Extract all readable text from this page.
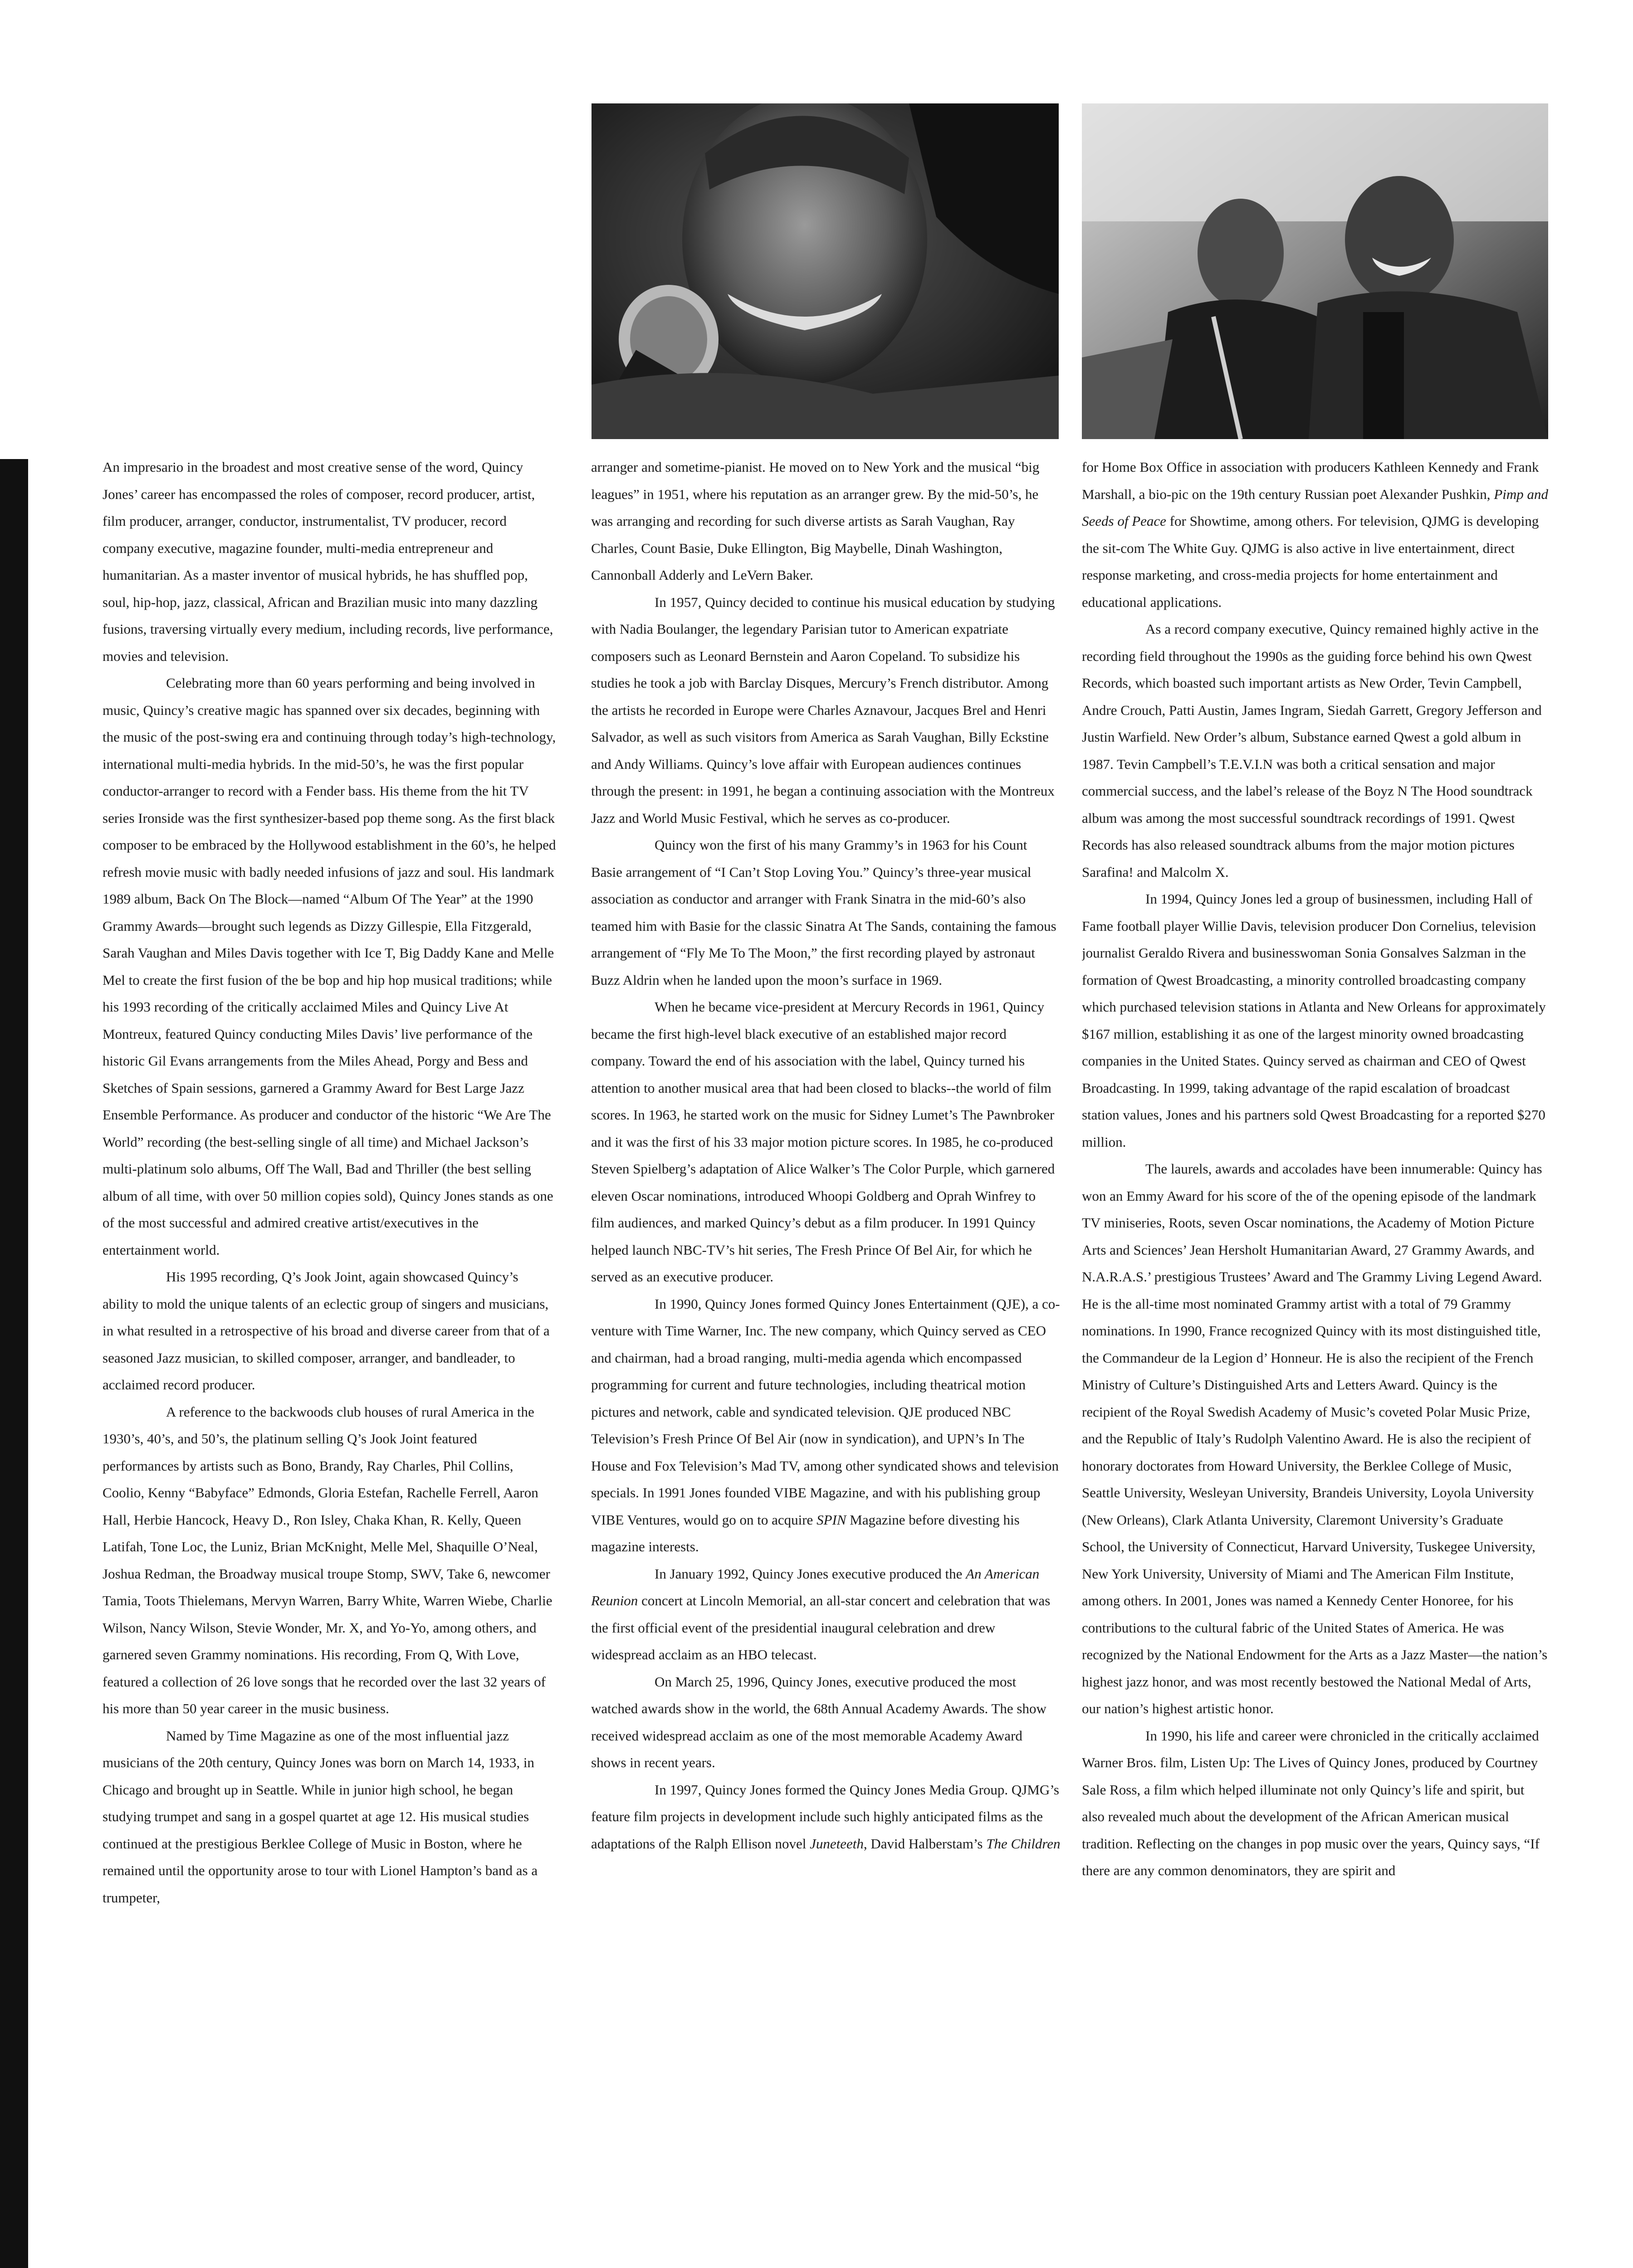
An impresario in the broadest and most creative sense of the word, Quincy Jones’ career has encompassed the roles of composer, record producer, artist, film producer, arranger, conductor, instrumentalist, TV producer, record company executive, magazine founder, multi-media entrepreneur and humanitarian. As a master inventor of musical hybrids, he has shuffled pop, soul, hip-hop, jazz, classical, African and Brazilian music into many dazzling fusions, traversing virtually every medium, including records, live performance, movies and television.

Celebrating more than 60 years performing and being involved in music, Quincy’s creative magic has spanned over six decades, beginning with the music of the post-swing era and continuing through today’s high-technology, international multi-media hybrids. In the mid-50’s, he was the first popular conductor-arranger to record with a Fender bass. His theme from the hit TV series Ironside was the first synthesizer-based pop theme song. As the first black composer to be embraced by the Hollywood establishment in the 60’s, he helped refresh movie music with badly needed infusions of jazz and soul. His landmark 1989 album, Back On The Block—named “Album Of The Year” at the 1990 Grammy Awards—brought such legends as Dizzy Gillespie, Ella Fitzgerald, Sarah Vaughan and Miles Davis together with Ice T, Big Daddy Kane and Melle Mel to create the first fusion of the be bop and hip hop musical traditions; while his 1993 recording of the critically acclaimed Miles and Quincy Live At Montreux, featured Quincy conducting Miles Davis’ live performance of the historic Gil Evans arrangements from the Miles Ahead, Porgy and Bess and Sketches of Spain sessions, garnered a Grammy Award for Best Large Jazz Ensemble Performance. As producer and conductor of the historic “We Are The World” recording (the best-selling single of all time) and Michael Jackson’s multi-platinum solo albums, Off The Wall, Bad and Thriller (the best selling album of all time, with over 50 million copies sold), Quincy Jones stands as one of the most successful and admired creative artist/executives in the entertainment world.

His 1995 recording, Q’s Jook Joint, again showcased Quincy’s ability to mold the unique talents of an eclectic group of singers and musicians, in what resulted in a retrospective of his broad and diverse career from that of a seasoned Jazz musician, to skilled composer, arranger, and bandleader, to acclaimed record producer.

A reference to the backwoods club houses of rural America in the 1930’s, 40’s, and 50’s, the platinum selling Q’s Jook Joint featured performances by artists such as Bono, Brandy, Ray Charles, Phil Collins, Coolio, Kenny “Babyface” Edmonds, Gloria Estefan, Rachelle Ferrell, Aaron Hall, Herbie Hancock, Heavy D., Ron Isley, Chaka Khan, R. Kelly, Queen Latifah, Tone Loc, the Luniz, Brian McKnight, Melle Mel, Shaquille O’Neal, Joshua Redman, the Broadway musical troupe Stomp, SWV, Take 6, newcomer Tamia, Toots Thielemans, Mervyn Warren, Barry White, Warren Wiebe, Charlie Wilson, Nancy Wilson, Stevie Wonder, Mr. X, and Yo-Yo, among others, and garnered seven Grammy nominations. His recording, From Q, With Love, featured a collection of 26 love songs that he recorded over the last 32 years of his more than 50 year career in the music business.

Named by Time Magazine as one of the most influential jazz musicians of the 20th century, Quincy Jones was born on March 14, 1933, in Chicago and brought up in Seattle. While in junior high school, he began studying trumpet and sang in a gospel quartet at age 12. His musical studies continued at the prestigious Berklee College of Music in Boston, where he remained until the opportunity arose to tour with Lionel Hampton’s band as a trumpeter,

arranger and sometime-pianist. He moved on to New York and the musical “big leagues” in 1951, where his reputation as an arranger grew. By the mid-50’s, he was arranging and recording for such diverse artists as Sarah Vaughan, Ray Charles, Count Basie, Duke Ellington, Big Maybelle, Dinah Washington, Cannonball Adderly and LeVern Baker.

In 1957, Quincy decided to continue his musical education by studying with Nadia Boulanger, the legendary Parisian tutor to American expatriate composers such as Leonard Bernstein and Aaron Copeland. To subsidize his studies he took a job with Barclay Disques, Mercury’s French distributor. Among the artists he recorded in Europe were Charles Aznavour, Jacques Brel and Henri Salvador, as well as such visitors from America as Sarah Vaughan, Billy Eckstine and Andy Williams. Quincy’s love affair with European audiences continues through the present: in 1991, he began a continuing association with the Montreux Jazz and World Music Festival, which he serves as co-producer.

Quincy won the first of his many Grammy’s in 1963 for his Count Basie arrangement of “I Can’t Stop Loving You.” Quincy’s three-year musical association as conductor and arranger with Frank Sinatra in the mid-60’s also teamed him with Basie for the classic Sinatra At The Sands, containing the famous arrangement of “Fly Me To The Moon,” the first recording played by astronaut Buzz Aldrin when he landed upon the moon’s surface in 1969.

When he became vice-president at Mercury Records in 1961, Quincy became the first high-level black executive of an established major record company. Toward the end of his association with the label, Quincy turned his attention to another musical area that had been closed to blacks--the world of film scores. In 1963, he started work on the music for Sidney Lumet’s The Pawnbroker and it was the first of his 33 major motion picture scores. In 1985, he co-produced Steven Spielberg’s adaptation of Alice Walker’s The Color Purple, which garnered eleven Oscar nominations, introduced Whoopi Goldberg and Oprah Winfrey to film audiences, and marked Quincy’s debut as a film producer. In 1991 Quincy helped launch NBC-TV’s hit series, The Fresh Prince Of Bel Air, for which he served as an executive producer.

In 1990, Quincy Jones formed Quincy Jones Entertainment (QJE), a co-venture with Time Warner, Inc. The new company, which Quincy served as CEO and chairman, had a broad ranging, multi-media agenda which encompassed programming for current and future technologies, including theatrical motion pictures and network, cable and syndicated television. QJE produced NBC Television’s Fresh Prince Of Bel Air (now in syndication), and UPN’s In The House and Fox Television’s Mad TV, among other syndicated shows and television specials. In 1991 Jones founded VIBE Magazine, and with his publishing group VIBE Ventures, would go on to acquire SPIN Magazine before divesting his magazine interests.

In January 1992, Quincy Jones executive produced the An American Reunion concert at Lincoln Memorial, an all-star concert and celebration that was the first official event of the presidential inaugural celebration and drew widespread acclaim as an HBO telecast.

On March 25, 1996, Quincy Jones, executive produced the most watched awards show in the world, the 68th Annual Academy Awards. The show received widespread acclaim as one of the most memorable Academy Award shows in recent years.

In 1997, Quincy Jones formed the Quincy Jones Media Group. QJMG’s feature film projects in development include such highly anticipated films as the adaptations of the Ralph Ellison novel Juneteeth, David Halberstam’s The Children

for Home Box Office in association with producers Kathleen Kennedy and Frank Marshall, a bio-pic on the 19th century Russian poet Alexander Pushkin, Pimp and Seeds of Peace for Showtime, among others. For television, QJMG is developing the sit-com The White Guy. QJMG is also active in live entertainment, direct response marketing, and cross-media projects for home entertainment and educational applications.

As a record company executive, Quincy remained highly active in the recording field throughout the 1990s as the guiding force behind his own Qwest Records, which boasted such important artists as New Order, Tevin Campbell, Andre Crouch, Patti Austin, James Ingram, Siedah Garrett, Gregory Jefferson and Justin Warfield. New Order’s album, Substance earned Qwest a gold album in 1987. Tevin Campbell’s T.E.V.I.N was both a critical sensation and major commercial success, and the label’s release of the Boyz N The Hood soundtrack album was among the most successful soundtrack recordings of 1991. Qwest Records has also released soundtrack albums from the major motion pictures Sarafina! and Malcolm X.

In 1994, Quincy Jones led a group of businessmen, including Hall of Fame football player Willie Davis, television producer Don Cornelius, television journalist Geraldo Rivera and businesswoman Sonia Gonsalves Salzman in the formation of Qwest Broadcasting, a minority controlled broadcasting company which purchased television stations in Atlanta and New Orleans for approximately $167 million, establishing it as one of the largest minority owned broadcasting companies in the United States. Quincy served as chairman and CEO of Qwest Broadcasting. In 1999, taking advantage of the rapid escalation of broadcast station values, Jones and his partners sold Qwest Broadcasting for a reported $270 million.

The laurels, awards and accolades have been innumerable: Quincy has won an Emmy Award for his score of the of the opening episode of the landmark TV miniseries, Roots, seven Oscar nominations, the Academy of Motion Picture Arts and Sciences’ Jean Hersholt Humanitarian Award, 27 Grammy Awards, and N.A.R.A.S.’ prestigious Trustees’ Award and The Grammy Living Legend Award. He is the all-time most nominated Grammy artist with a total of 79 Grammy nominations. In 1990, France recognized Quincy with its most distinguished title, the Commandeur de la Legion d’ Honneur. He is also the recipient of the French Ministry of Culture’s Distinguished Arts and Letters Award. Quincy is the recipient of the Royal Swedish Academy of Music’s coveted Polar Music Prize, and the Republic of Italy’s Rudolph Valentino Award. He is also the recipient of honorary doctorates from Howard University, the Berklee College of Music, Seattle University, Wesleyan University, Brandeis University, Loyola University (New Orleans), Clark Atlanta University, Claremont University’s Graduate School, the University of Connecticut, Harvard University, Tuskegee University, New York University, University of Miami and The American Film Institute, among others. In 2001, Jones was named a Kennedy Center Honoree, for his contributions to the cultural fabric of the United States of America. He was recognized by the National Endowment for the Arts as a Jazz Master—the nation’s highest jazz honor, and was most recently bestowed the National Medal of Arts, our nation’s highest artistic honor.

In 1990, his life and career were chronicled in the critically acclaimed Warner Bros. film, Listen Up: The Lives of Quincy Jones, produced by Courtney Sale Ross, a film which helped illuminate not only Quincy’s life and spirit, but also revealed much about the development of the African American musical tradition. Reflecting on the changes in pop music over the years, Quincy says, “If there are any common denominators, they are spirit and
